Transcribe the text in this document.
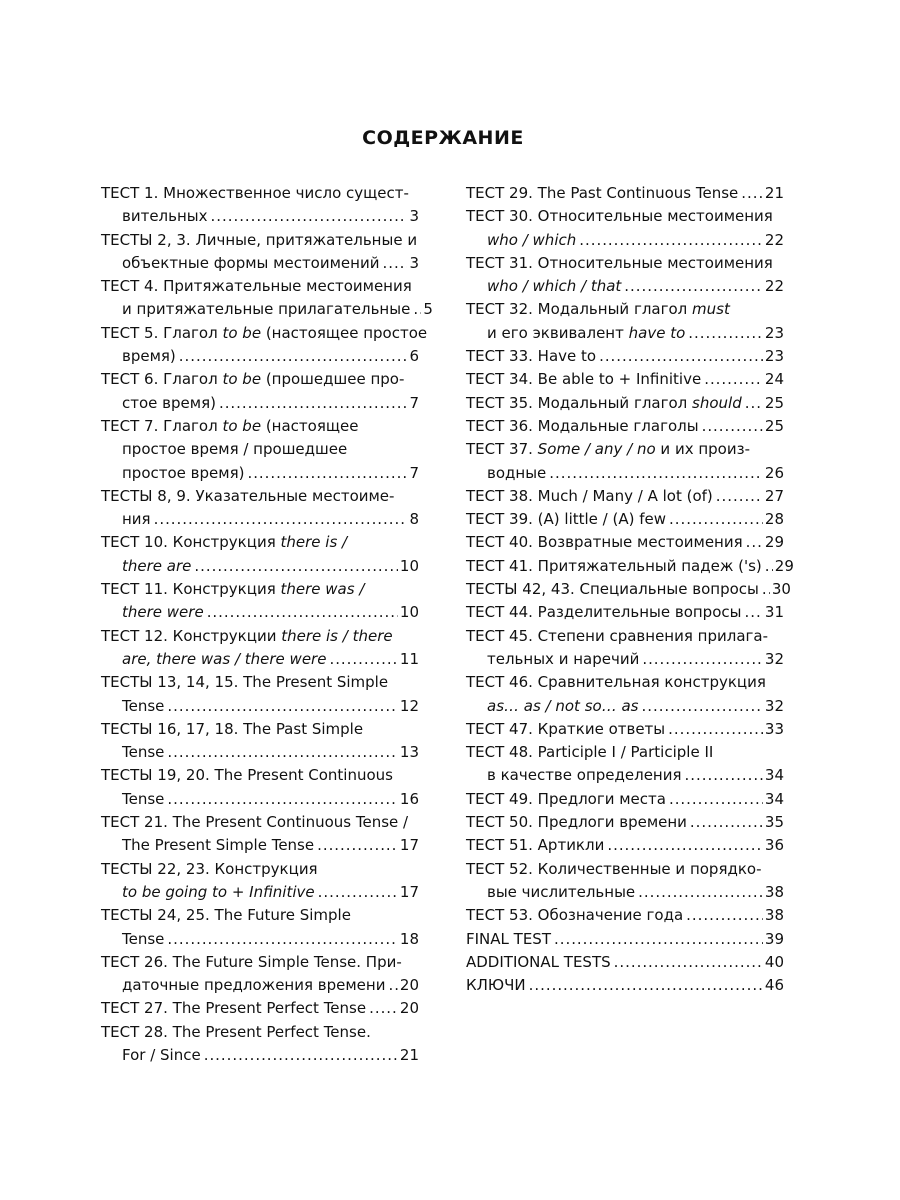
СОДЕРЖАНИЕ
ТЕСТ 1. Множественное число сущест-
вительных . . .	3
ТЕСТЫ 2, 3. Личные, притяжательные и
объектные формы местоимений . . . 3
ТЕСТ 4. Притяжательные местоимения
и притяжательные прилагательные . . . 5
ТЕСТ 5. Глагол to be (настоящее простое
время) . . .	6
ТЕСТ 6. Глагол to be (прошедшее про-
стое время) . . .	7
ТЕСТ 7. Глагол to be (настоящее
простое время / прошедшее
простое время) . . .	7
ТЕСТЫ 8, 9. Указательные местоиме-
ния . . .	8
ТЕСТ 10. Конструкция there is /
there are . . .	10
ТЕСТ 11. Конструкция there was /
there were . . .	10
ТЕСТ 12. Конструкции there is / there
are, there was / there were . . .	11
ТЕСТЫ 13, 14, 15. The Present Simple
Tense . . .	12
ТЕСТЫ 16, 17, 18. The Past Simple
Tense . . .	13
ТЕСТЫ 19, 20. The Present Continuous
Tense . . .	16
ТЕСТ 21. The Present Continuous Tense /
The Present Simple Tense . . .	17
ТЕСТЫ 22, 23. Конструкция
to be going to + Infinitive . . .	17
ТЕСТЫ 24, 25. The Future Simple
Tense . . .	18
ТЕСТ 26. The Future Simple Tense. При-
даточные предложения времени . . . 20
ТЕСТ 27. The Present Perfect Tense . . . 20
ТЕСТ 28. The Present Perfect Tense.
For / Since . . .	21
ТЕСТ 29. The Past Continuous Tense . . . 21
ТЕСТ 30. Относительные местоимения
who / which . . .	22
ТЕСТ 31. Относительные местоимения
who / which / that . . .	22
ТЕСТ 32. Модальный глагол must
и его эквивалент have to . . .	23
ТЕСТ 33. Have to . . .	23
ТЕСТ 34. Be able to + Infinitive . . .	24
ТЕСТ 35. Модальный глагол should . . . 25
ТЕСТ 36. Модальные глаголы . . .	25
ТЕСТ 37. Some / any / no и их произ-
водные . . .	26
ТЕСТ 38. Much / Many / A lot (of) . . .	27
ТЕСТ 39. (A) little / (A) few . . .	28
ТЕСТ 40. Возвратные местоимения . . . 29
ТЕСТ 41. Притяжательный падеж ('s) . . . 29
ТЕСТЫ 42, 43. Специальные вопросы . . . 30
ТЕСТ 44. Разделительные вопросы . . . 31
ТЕСТ 45. Степени сравнения прилага-
тельных и наречий . . .	32
ТЕСТ 46. Сравнительная конструкция
as… as / not so… as . . .	32
ТЕСТ 47. Краткие ответы . . .	33
ТЕСТ 48. Participle I / Participle II
в качестве определения . . .	34
ТЕСТ 49. Предлоги места . . .	34
ТЕСТ 50. Предлоги времени . . .	35
ТЕСТ 51. Артикли . . .	36
ТЕСТ 52. Количественные и порядко-
вые числительные . . .	38
ТЕСТ 53. Обозначение года . . .	38
FINAL TEST . . .	39
ADDITIONAL TESTS . . .	40
КЛЮЧИ . . .	46
